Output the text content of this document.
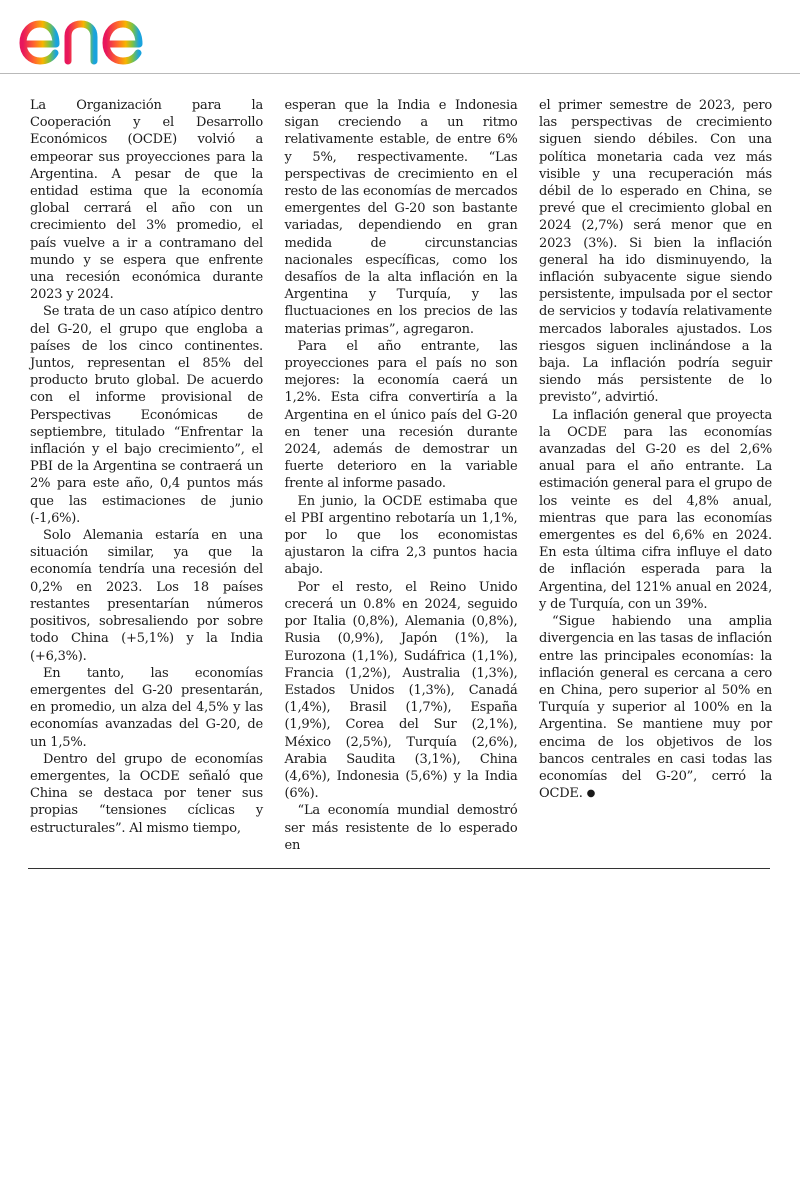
enel

La Organización para la Cooperación y el Desarrollo Económicos (OCDE) volvió a empeorar sus proyecciones para la Argentina. A pesar de que la entidad estima que la economía global cerrará el año con un crecimiento del 3% promedio, el país vuelve a ir a contramano del mundo y se espera que enfrente una recesión económica durante 2023 y 2024.

Se trata de un caso atípico dentro del G-20, el grupo que engloba a países de los cinco continentes. Juntos, representan el 85% del producto bruto global. De acuerdo con el informe provisional de Perspectivas Económicas de septiembre, titulado “Enfrentar la inflación y el bajo crecimiento”, el PBI de la Argentina se contraerá un 2% para este año, 0,4 puntos más que las estimaciones de junio (-1,6%).

Solo Alemania estaría en una situación similar, ya que la economía tendría una recesión del 0,2% en 2023. Los 18 países restantes presentarían números positivos, sobresaliendo por sobre todo China (+5,1%) y la India (+6,3%).

En tanto, las economías emergentes del G-20 presentarán, en promedio, un alza del 4,5% y las economías avanzadas del G-20, de un 1,5%.

Dentro del grupo de economías emergentes, la OCDE señaló que China se destaca por tener sus propias “tensiones cíclicas y estructurales”. Al mismo tiempo,

esperan que la India e Indonesia sigan creciendo a un ritmo relativamente estable, de entre 6% y 5%, respectivamente. “Las perspectivas de crecimiento en el resto de las economías de mercados emergentes del G-20 son bastante variadas, dependiendo en gran medida de circunstancias nacionales específicas, como los desafíos de la alta inflación en la Argentina y Turquía, y las fluctuaciones en los precios de las materias primas”, agregaron.

Para el año entrante, las proyecciones para el país no son mejores: la economía caerá un 1,2%. Esta cifra convertiría a la Argentina en el único país del G-20 en tener una recesión durante 2024, además de demostrar un fuerte deterioro en la variable frente al informe pasado.

En junio, la OCDE estimaba que el PBI argentino rebotaría un 1,1%, por lo que los economistas ajustaron la cifra 2,3 puntos hacia abajo.

Por el resto, el Reino Unido crecerá un 0.8% en 2024, seguido por Italia (0,8%), Alemania (0,8%), Rusia (0,9%), Japón (1%), la Eurozona (1,1%), Sudáfrica (1,1%), Francia (1,2%), Australia (1,3%), Estados Unidos (1,3%), Canadá (1,4%), Brasil (1,7%), España (1,9%), Corea del Sur (2,1%), México (2,5%), Turquía (2,6%), Arabia Saudita (3,1%), China (4,6%), Indonesia (5,6%) y la India (6%).

“La economía mundial demostró ser más resistente de lo esperado en

el primer semestre de 2023, pero las perspectivas de crecimiento siguen siendo débiles. Con una política monetaria cada vez más visible y una recuperación más débil de lo esperado en China, se prevé que el crecimiento global en 2024 (2,7%) será menor que en 2023 (3%). Si bien la inflación general ha ido disminuyendo, la inflación subyacente sigue siendo persistente, impulsada por el sector de servicios y todavía relativamente mercados laborales ajustados. Los riesgos siguen inclinándose a la baja. La inflación podría seguir siendo más persistente de lo previsto”, advirtió.

La inflación general que proyecta la OCDE para las economías avanzadas del G-20 es del 2,6% anual para el año entrante. La estimación general para el grupo de los veinte es del 4,8% anual, mientras que para las economías emergentes es del 6,6% en 2024. En esta última cifra influye el dato de inflación esperada para la Argentina, del 121% anual en 2024, y de Turquía, con un 39%.

“Sigue habiendo una amplia divergencia en las tasas de inflación entre las principales economías: la inflación general es cercana a cero en China, pero superior al 50% en Turquía y superior al 100% en la Argentina. Se mantiene muy por encima de los objetivos de los bancos centrales en casi todas las economías del G-20”, cerró la OCDE. ●
